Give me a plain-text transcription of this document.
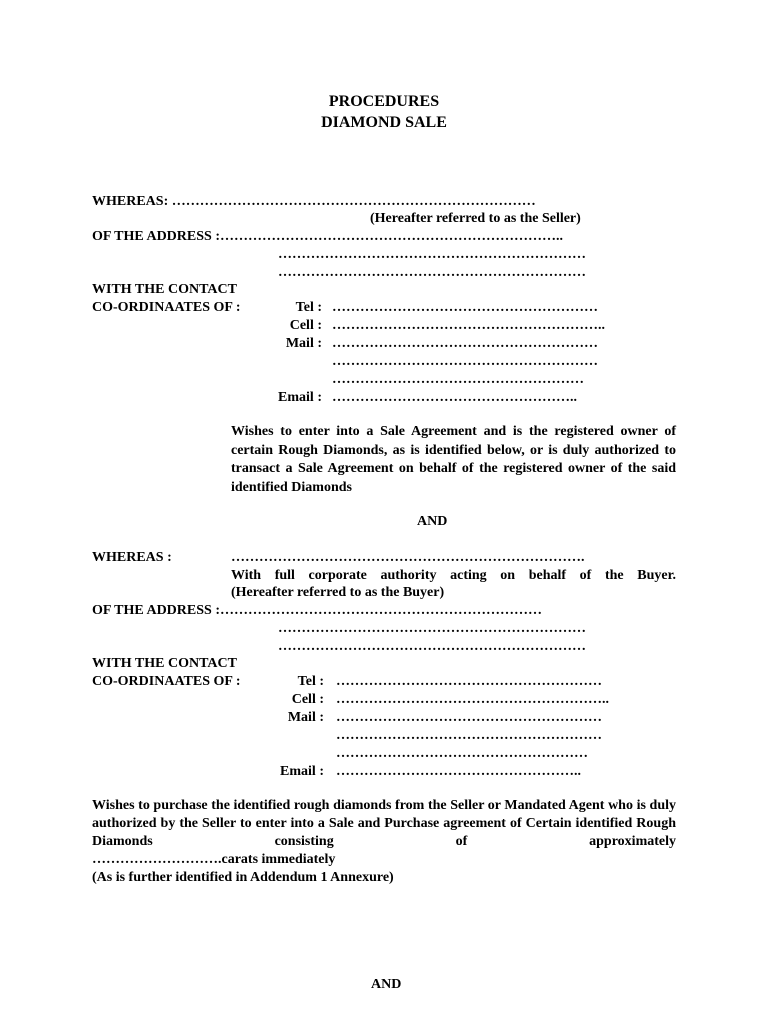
PROCEDURES
DIAMOND SALE
WHEREAS: ……………………………………………………………………
(Hereafter referred to as the Seller)
OF THE ADDRESS :………………………………………………………………..
…………………………………………………………
…………………………………………………………
WITH THE CONTACT
CO-ORDINAATES OF :	Tel : …………………………………………………
Cell : …………………………………………………..
Mail : …………………………………………………
…………………………………………………
………………………………………………
Email : ……………………………………………..
Wishes to enter into a Sale Agreement and is the registered owner of certain Rough Diamonds, as is identified below, or is duly authorized to transact a Sale Agreement on behalf of the registered owner of the said identified Diamonds
AND
WHEREAS :	………………………………………………………………….
With full corporate authority acting on behalf of the Buyer.
(Hereafter referred to as the Buyer)
OF THE ADDRESS :……………………………………………………………
…………………………………………………………
…………………………………………………………
WITH THE CONTACT
CO-ORDINAATES OF :	Tel : …………………………………………………
Cell : …………………………………………………..
Mail : …………………………………………………
…………………………………………………
………………………………………………
Email : ……………………………………………..
Wishes to purchase the identified rough diamonds from the Seller or Mandated Agent who is duly authorized by the Seller to enter into a Sale and Purchase agreement of Certain identified Rough Diamonds consisting of approximately
……………………….carats immediately
(As is further identified in Addendum 1 Annexure)
AND
